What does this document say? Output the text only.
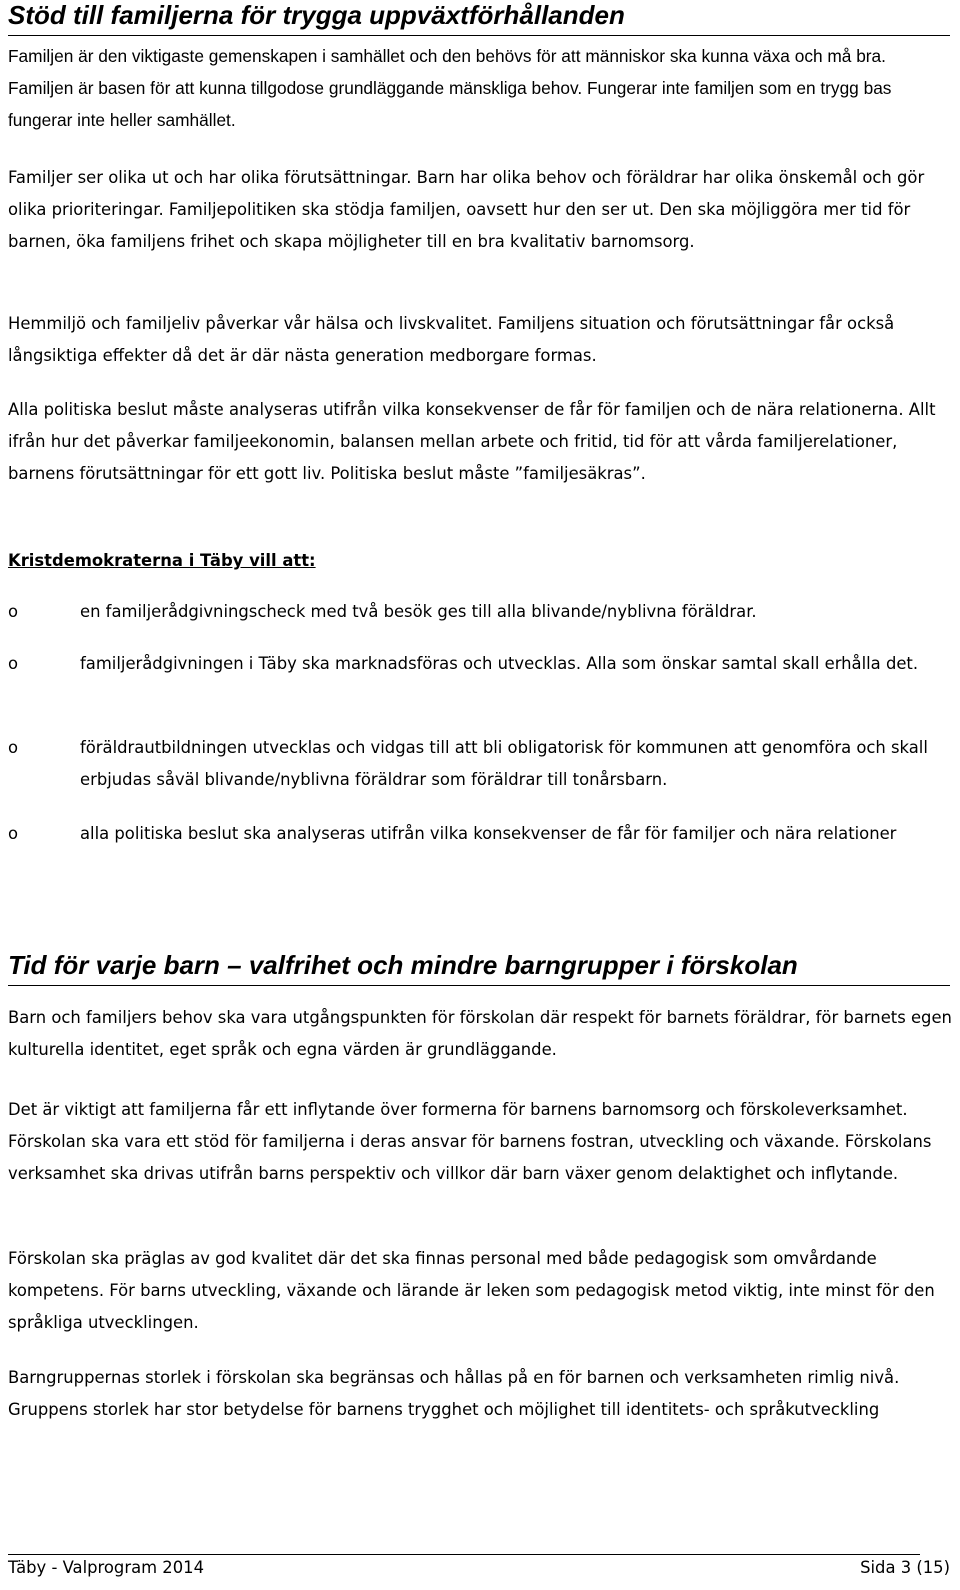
Stöd till familjerna för trygga uppväxtförhållanden

Familjen är den viktigaste gemenskapen i samhället och den behövs för att människor ska kunna växa och må bra. Familjen är basen för att kunna tillgodose grundläggande mänskliga behov. Fungerar inte familjen som en trygg bas fungerar inte heller samhället.

Familjer ser olika ut och har olika förutsättningar. Barn har olika behov och föräldrar har olika önskemål och gör olika prioriteringar. Familjepolitiken ska stödja familjen, oavsett hur den ser ut. Den ska möjliggöra mer tid för barnen, öka familjens frihet och skapa möjligheter till en bra kvalitativ barnomsorg.

Hemmiljö och familjeliv påverkar vår hälsa och livskvalitet. Familjens situation och förutsättningar får också långsiktiga effekter då det är där nästa generation medborgare formas.

Alla politiska beslut måste analyseras utifrån vilka konsekvenser de får för familjen och de nära relationerna. Allt ifrån hur det påverkar familjeekonomin, balansen mellan arbete och fritid, tid för att vårda familjerelationer, barnens förutsättningar för ett gott liv. Politiska beslut måste ”familjesäkras”.

Kristdemokraterna i Täby vill att:
o	en familjerådgivningscheck med två besök ges till alla blivande/nyblivna föräldrar.
o	familjerådgivningen i Täby ska marknadsföras och utvecklas. Alla som önskar samtal skall erhålla det.
o	föräldrautbildningen utvecklas och vidgas till att bli obligatorisk för kommunen att genomföra och skall erbjudas såväl blivande/nyblivna föräldrar som föräldrar till tonårsbarn.
o	alla politiska beslut ska analyseras utifrån vilka konsekvenser de får för familjer och nära relationer
Tid för varje barn – valfrihet och mindre barngrupper i förskolan

Barn och familjers behov ska vara utgångspunkten för förskolan där respekt för barnets föräldrar, för barnets egen kulturella identitet, eget språk och egna värden är grundläggande.

Det är viktigt att familjerna får ett inflytande över formerna för barnens barnomsorg och förskoleverksamhet. Förskolan ska vara ett stöd för familjerna i deras ansvar för barnens fostran, utveckling och växande. Förskolans verksamhet ska drivas utifrån barns perspektiv och villkor där barn växer genom delaktighet och inflytande.

Förskolan ska präglas av god kvalitet där det ska finnas personal med både pedagogisk som omvårdande kompetens. För barns utveckling, växande och lärande är leken som pedagogisk metod viktig, inte minst för den språkliga utvecklingen.

Barngruppernas storlek i förskolan ska begränsas och hållas på en för barnen och verksamheten rimlig nivå. Gruppens storlek har stor betydelse för barnens trygghet och möjlighet till identitets- och språkutveckling

Täby - Valprogram 2014	Sida 3 (15)
